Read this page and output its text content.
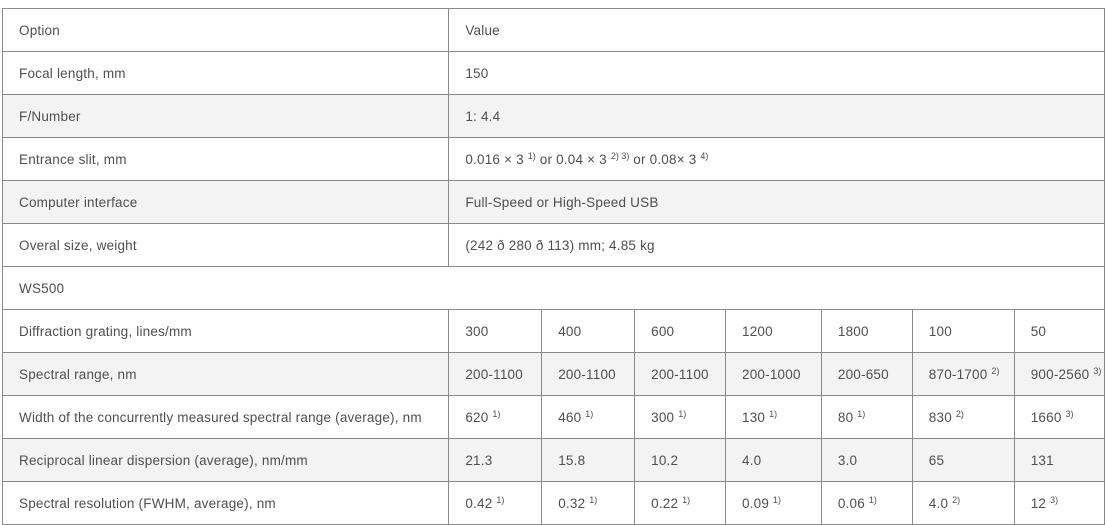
Option	Value						
Focal length, mm	150						
F/Number	1: 4.4						
Entrance slit, mm	0.016 × 3 $^{1)}$ or 0.04 × 3 $^{2) 3)}$ or 0.08× 3 $^{4)}$
Computer interface	Full-Speed or High-Speed USB						
Overal size, weight	(242 ð 280 ð 113) mm; 4.85 kg						
WS500							
Diffraction grating, lines/mm	300	400	600	1200	1800	100	50
Spectral range, nm	200-1100	200-1100	200-1100	200-1000	200-650	870-1700 $^{2)}$	900-2560 $^{3)}$
Width of the concurrently measured spectral range (average), nm	620 $^{1)}$	460 $^{1)}$	300 $^{1)}$	130 $^{1)}$	80 $^{1)}$	830 $^{2)}$	1660 $^{3)}$
Reciprocal linear dispersion (average), nm/mm	21.3	15.8	10.2	4.0	3.0	65	131
Spectral resolution (FWHM, average), nm	0.42 $^{1)}$	0.32 $^{1)}$	0.22 $^{1)}$	0.09 $^{1)}$	0.06 $^{1)}$	4.0 $^{2)}$	12 $^{3)}$
